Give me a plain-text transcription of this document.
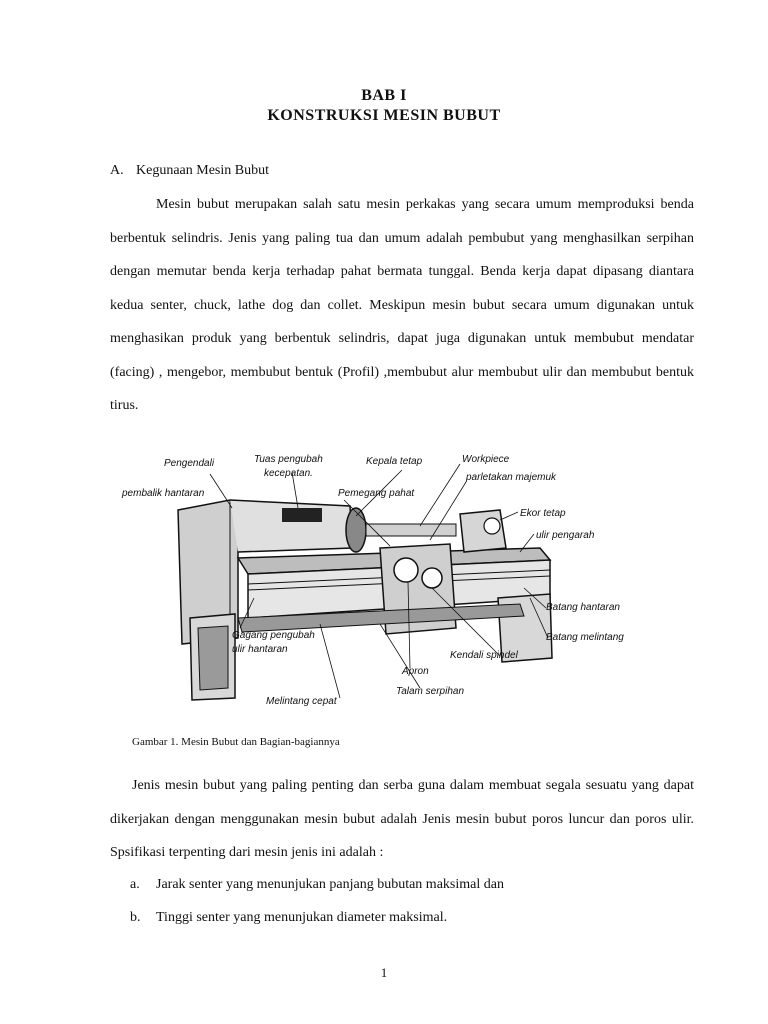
BAB I
KONSTRUKSI MESIN BUBUT
A. Kegunaan Mesin Bubut
Mesin bubut merupakan salah satu mesin perkakas yang secara umum memproduksi benda berbentuk selindris. Jenis yang paling tua dan umum adalah pembubut yang menghasilkan serpihan dengan memutar benda kerja terhadap pahat bermata tunggal. Benda kerja dapat dipasang diantara kedua senter, chuck, lathe dog dan collet. Meskipun mesin bubut secara umum digunakan untuk menghasikan produk yang berbentuk selindris, dapat juga digunakan untuk membubut mendatar (facing) , mengebor, membubut bentuk (Profil) ,membubut alur membubut ulir dan membubut bentuk tirus.
Pengendali
pembalik hantaran
Tuas pengubah
kecepatan.
Kepala tetap	Workpiece
parletakan majemuk
Pemegang pahat
Ekor tetap
ulir pengarah
Batang hantaran
Batang melintang
Kendali spindel
Gagang pengubah
ulir hantaran
Apron
Talam serpihan
Melintang cepat
Gambar 1. Mesin Bubut dan Bagian-bagiannya
Jenis mesin bubut yang paling penting dan serba guna dalam membuat segala sesuatu yang dapat dikerjakan dengan menggunakan mesin bubut adalah Jenis mesin bubut poros luncur dan poros ulir. Spsifikasi terpenting dari mesin jenis ini adalah :
a. Jarak senter yang menunjukan panjang bubutan maksimal dan
b. Tinggi senter yang menunjukan diameter maksimal.
1
